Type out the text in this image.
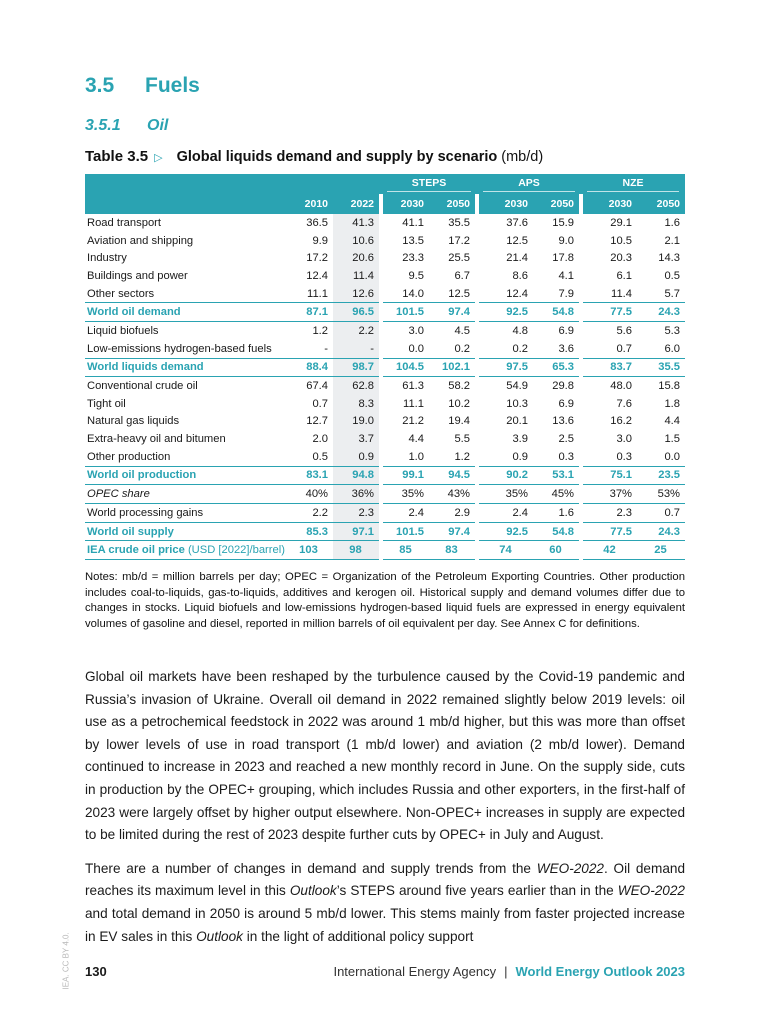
3.5 Fuels
3.5.1 Oil
Table 3.5 ▷ Global liquids demand and supply by scenario (mb/d)

			STEPS		APS		NZE	

	2010	2022	2030	2050	2030	2050	2030	2050
Road transport	36.5	41.3	41.1	35.5	37.6	15.9	29.1	1.6
Aviation and shipping	9.9	10.6	13.5	17.2	12.5	9.0	10.5	2.1
Industry	17.2	20.6	23.3	25.5	21.4	17.8	20.3	14.3
Buildings and power	12.4	11.4	9.5	6.7	8.6	4.1	6.1	0.5
Other sectors	11.1	12.6	14.0	12.5	12.4	7.9	11.4	5.7
World oil demand	87.1	96.5	101.5	97.4	92.5	54.8	77.5	24.3
Liquid biofuels	1.2	2.2	3.0	4.5	4.8	6.9	5.6	5.3
Low-emissions hydrogen-based fuels	-	-	0.0	0.2	0.2	3.6	0.7	6.0
World liquids demand	88.4	98.7	104.5	102.1	97.5	65.3	83.7	35.5
Conventional crude oil	67.4	62.8	61.3	58.2	54.9	29.8	48.0	15.8
Tight oil	0.7	8.3	11.1	10.2	10.3	6.9	7.6	1.8
Natural gas liquids	12.7	19.0	21.2	19.4	20.1	13.6	16.2	4.4
Extra-heavy oil and bitumen	2.0	3.7	4.4	5.5	3.9	2.5	3.0	1.5
Other production	0.5	0.9	1.0	1.2	0.9	0.3	0.3	0.0
World oil production	83.1	94.8	99.1	94.5	90.2	53.1	75.1	23.5
OPEC share	40%	36%	35%	43%	35%	45%	37%	53%
World processing gains	2.2	2.3	2.4	2.9	2.4	1.6	2.3	0.7
World oil supply	85.3	97.1	101.5	97.4	92.5	54.8	77.5	24.3
IEA crude oil price (USD [2022]/barrel)	103	98	85	83	74	60	42	25
Notes: mb/d = million barrels per day; OPEC = Organization of the Petroleum Exporting Countries. Other production includes coal-to-liquids, gas-to-liquids, additives and kerogen oil. Historical supply and demand volumes differ due to changes in stocks. Liquid biofuels and low-emissions hydrogen-based liquid fuels are expressed in energy equivalent volumes of gasoline and diesel, reported in million barrels of oil equivalent per day. See Annex C for definitions.

Global oil markets have been reshaped by the turbulence caused by the Covid-19 pandemic and Russia’s invasion of Ukraine. Overall oil demand in 2022 remained slightly below 2019 levels: oil use as a petrochemical feedstock in 2022 was around 1 mb/d higher, but this was more than offset by lower levels of use in road transport (1 mb/d lower) and aviation (2 mb/d lower). Demand continued to increase in 2023 and reached a new monthly record in June. On the supply side, cuts in production by the OPEC+ grouping, which includes Russia and other exporters, in the first-half of 2023 were largely offset by higher output elsewhere. Non-OPEC+ increases in supply are expected to be limited during the rest of 2023 despite further cuts by OPEC+ in July and August.

There are a number of changes in demand and supply trends from the WEO-2022. Oil demand reaches its maximum level in this Outlook’s STEPS around five years earlier than in the WEO-2022 and total demand in 2050 is around 5 mb/d lower. This stems mainly from faster projected increase in EV sales in this Outlook in the light of additional policy support

IEA. CC BY 4.0. 130	International Energy Agency | World Energy Outlook 2023
